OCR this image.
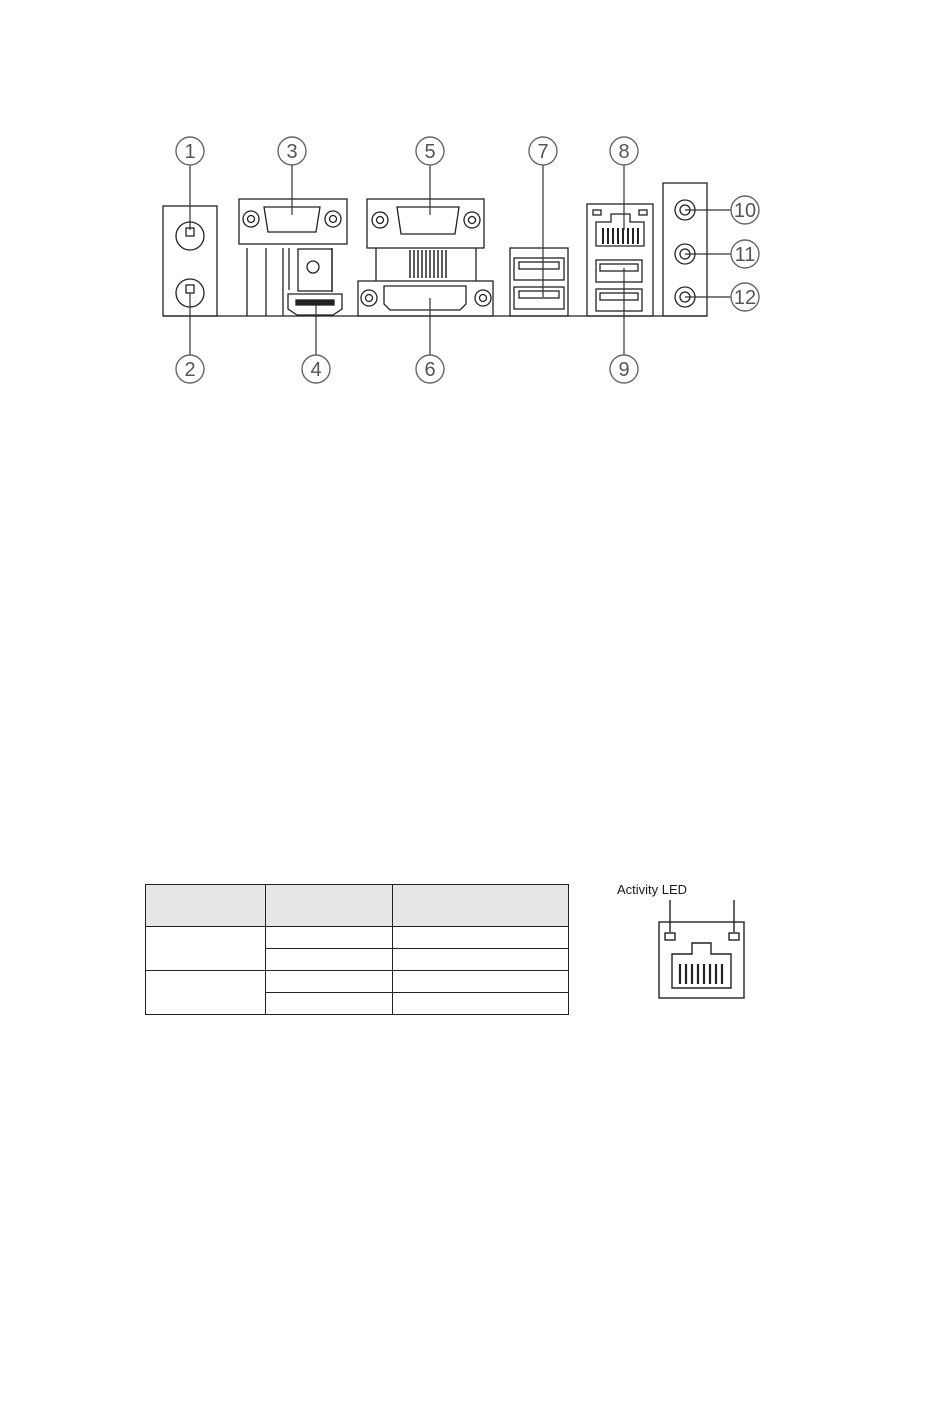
1
2
3
4
5
6
7	8
9
10
11
12

Activity LED
